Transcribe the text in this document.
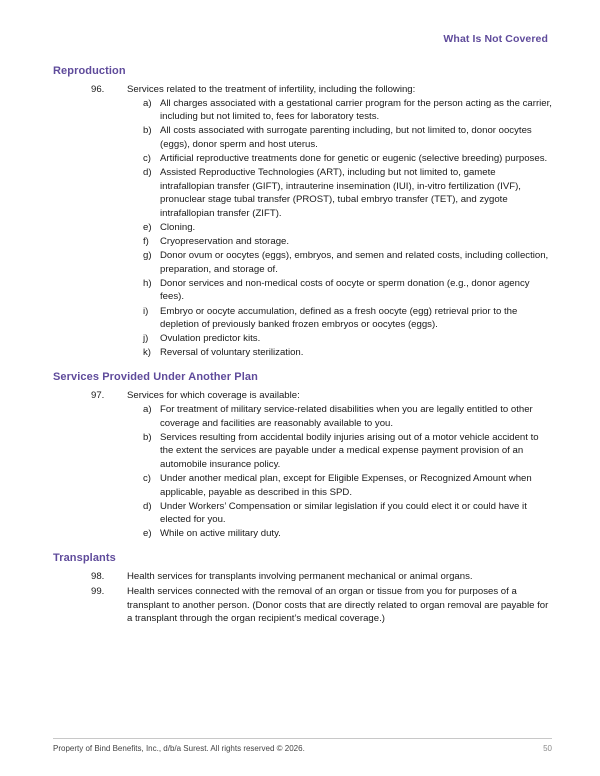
What Is Not Covered
Reproduction
96.	Services related to the treatment of infertility, including the following:

a) All charges associated with a gestational carrier program for the person acting as the carrier, including but not limited to, fees for laboratory tests.
b) All costs associated with surrogate parenting including, but not limited to, donor oocytes (eggs), donor sperm and host uterus.
c) Artificial reproductive treatments done for genetic or eugenic (selective breeding) purposes.
d) Assisted Reproductive Technologies (ART), including but not limited to, gamete intrafallopian transfer (GIFT), intrauterine insemination (IUI), in-vitro fertilization (IVF), pronuclear stage tubal transfer (PROST), tubal embryo transfer (TET), and zygote intrafallopian transfer (ZIFT).
e) Cloning.
f)	Cryopreservation and storage.
g) Donor ovum or oocytes (eggs), embryos, and semen and related costs, including collection, preparation, and storage of.
h) Donor services and non-medical costs of oocyte or sperm donation (e.g., donor agency fees).
i)	Embryo or oocyte accumulation, defined as a fresh oocyte (egg) retrieval prior to the depletion of previously banked frozen embryos or oocytes (eggs).
j)	Ovulation predictor kits.
k) Reversal of voluntary sterilization.
Services Provided Under Another Plan
97.	Services for which coverage is available:

a) For treatment of military service-related disabilities when you are legally entitled to other coverage and facilities are reasonably available to you.
b) Services resulting from accidental bodily injuries arising out of a motor vehicle accident to the extent the services are payable under a medical expense payment provision of an automobile insurance policy.
c) Under another medical plan, except for Eligible Expenses, or Recognized Amount when applicable, payable as described in this SPD.
d) Under Workers’ Compensation or similar legislation if you could elect it or could have it elected for you.
e) While on active military duty.
Transplants
98.	Health services for transplants involving permanent mechanical or animal organs.

99.	Health services connected with the removal of an organ or tissue from you for purposes of a transplant to another person. (Donor costs that are directly related to organ removal are payable for a transplant through the organ recipient’s medical coverage.)

Property of Bind Benefits, Inc., d/b/a Surest. All rights reserved © 2026.	50
